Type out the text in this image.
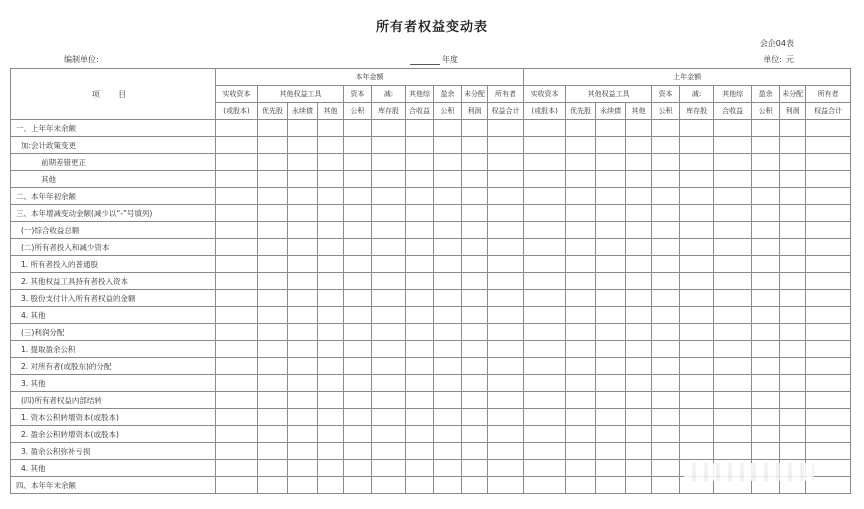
所有者权益变动表
会企04表
编制单位:	年度	单位: 元
项 目	本年金额										上年金额									
	实收资本	其他权益工具			资本	减:	其他综	盈余	未分配	所有者	实收资本	其他权益工具			资本	减:	其他综	盈余	未分配	所有者
	(或股本)	优先股	永续债	其他	公积	库存股	合收益	公积	利润	权益合计	(或股本)	优先股	永续债	其他	公积	库存股	合收益	公积	利润	权益合计
一、上年年末余额																				
加:会计政策变更																				
前期差错更正																				
其他																				
二、本年年初余额																				
三、本年增减变动金额(减少以“-”号填列)																				
(一)综合收益总额																				
(二)所有者投入和减少资本																				
1. 所有者投入的普通股																				
2. 其他权益工具持有者投入资本																				
3. 股份支付计入所有者权益的金额																				
4. 其他																				
(三)利润分配																				
1. 提取盈余公积																				
2. 对所有者(或股东)的分配																				
3. 其他																				
(四)所有者权益内部结转																				
1. 资本公积转增资本(或股本)																				
2. 盈余公积转增资本(或股本)																				
3. 盈余公积弥补亏损																				
4. 其他																				
四、本年年末余额																				
